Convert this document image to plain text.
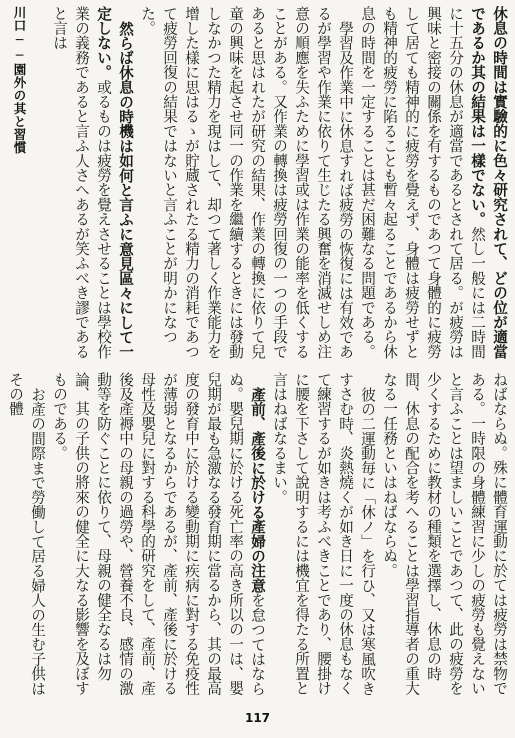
川口──園外の其と習慣	休息の時間は實驗的に色々研究されて、どの位が適當であるか其の結果は一樣でない。然し一般には二時間に十五分の休息が適當であるとされて居る。が疲勞は興味と密接の關係を有するものであつて身體的に疲勞して居ても精神的に疲勞を覺えず、身體は疲勞せずとも精神的疲勞に陷ることも暫々起ることであるから休息の時間を一定することは甚だ困難なる問題である。

學習及作業中に休息すれば疲勞の恢復には有效であるが學習や作業に依りて生じたる興奮を消滅せしめ注意の順應を失ふために學習或は作業の能率を低くすることがある。又作業の轉換は疲勞回復の一つの手段であると思はれたが研究の結果、作業の轉換に依りて兒童の興味を起させ同一の作業を繼續するときには發動しなかつた精力を現はして、却つて著しく作業能力を增した樣に思はるゝが貯蔵されたる精力の消耗であつて疲勞回復の結果ではないと言ふことが明かになつた。

然らば休息の時機は如何と言ふに意見區々にして一定しない。或るものは疲勞を覺えさせることは學校作業の義務であると言ふ人さへあるが笑ふべき謬であると言は

ねばならぬ。殊に體育運動に於ては疲勞は禁物である。一時限の身體練習に少しの疲勞も覺えないと言ふことは望ましいことであつて、此の疲勞を少くするために教材の種類を選擇し、休息の時間、休息の配合を考へることは學習指導者の重大なる一任務といはねばならぬ。

彼の二運動毎に「休ノ」を行ひ、又は寒風吹きすさむ時、炎熱燒くが如き日に一度の休息もなくて練習するが如きは考ふべきことであり、腰掛けに腰を下さして說明するには機宜を得たる所置と言はねばなるまい。

產前、產後に於ける產婦の注意を怠つてはならぬ。嬰兒期に於ける死亡率の高き所以の一は、嬰兒期が最も急激なる發育期に當るから、其の最高度の發育中に於ける變動期に疾病に對する免疫性が薄弱となるからであるが、產前、產後に於ける母性及嬰兒に對する科學的研究をして、產前、產後及產褥中の母親の過勞や、營養不良、感情の激動等を防ぐことに依りて、母親の健全なるは勿論、其の子供の將來の健全に大なる影響を及ぼすものである。

お產の間際まで勞働して居る婦人の生む子供はその體

117
